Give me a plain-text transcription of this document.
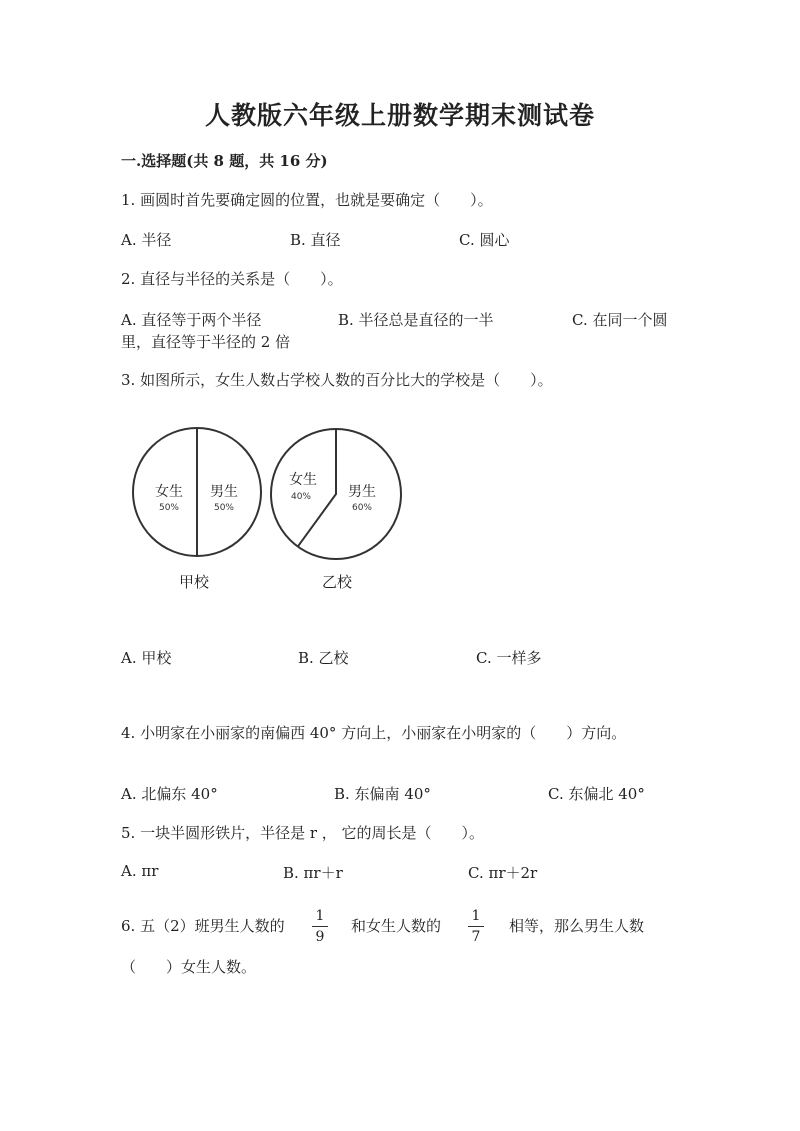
人教版六年级上册数学期末测试卷
一.选择题(共 8 题，共 16 分)
1. 画圆时首先要确定圆的位置，也就是要确定（　　）。
A. 半径	B. 直径	C. 圆心
2. 直径与半径的关系是（　　）。
A. 直径等于两个半径	B. 半径总是直径的一半	C. 在同一个圆
里，直径等于半径的 2 倍
3. 如图所示，女生人数占学校人数的百分比大的学校是（　　）。
女生
50%
男生
50%
甲校
女生
40%	男生
60%
乙校
A. 甲校	B. 乙校	C. 一样多
4. 小明家在小丽家的南偏西 40° 方向上，小丽家在小明家的（　　）方向。
A. 北偏东 40°	B. 东偏南 40°	C. 东偏北 40°
5. 一块半圆形铁片，半径是 r ， 它的周长是（　　）。
A. πr	B. πr＋r	C. πr＋2r
6. 五（2）班男生人数的
1
9
和女生人数的
1
7
相等，那么男生人数
（　　）女生人数。
